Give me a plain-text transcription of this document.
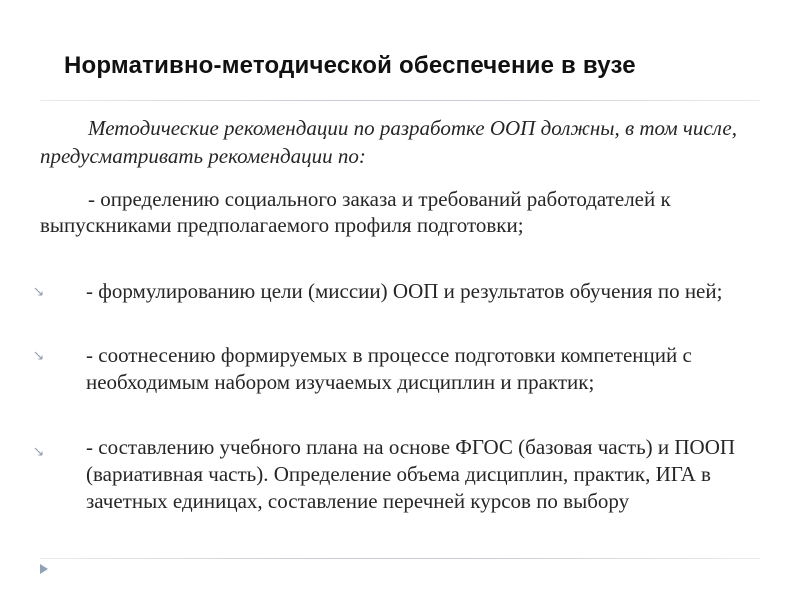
Нормативно-методической обеспечение в вузе
Методические рекомендации по разработке ООП должны, в том числе, предусматривать рекомендации по:
- определению социального заказа и требований работодателей к выпускниками предполагаемого профиля подготовки;
- формулированию цели (миссии) ООП и результатов обучения по ней;
- соотнесению формируемых в процессе подготовки компетенций с необходимым набором изучаемых дисциплин и практик;
- составлению учебного плана на основе ФГОС (базовая часть) и ПООП (вариативная часть). Определение объема дисциплин, практик, ИГА в зачетных единицах, составление перечней курсов по выбору
